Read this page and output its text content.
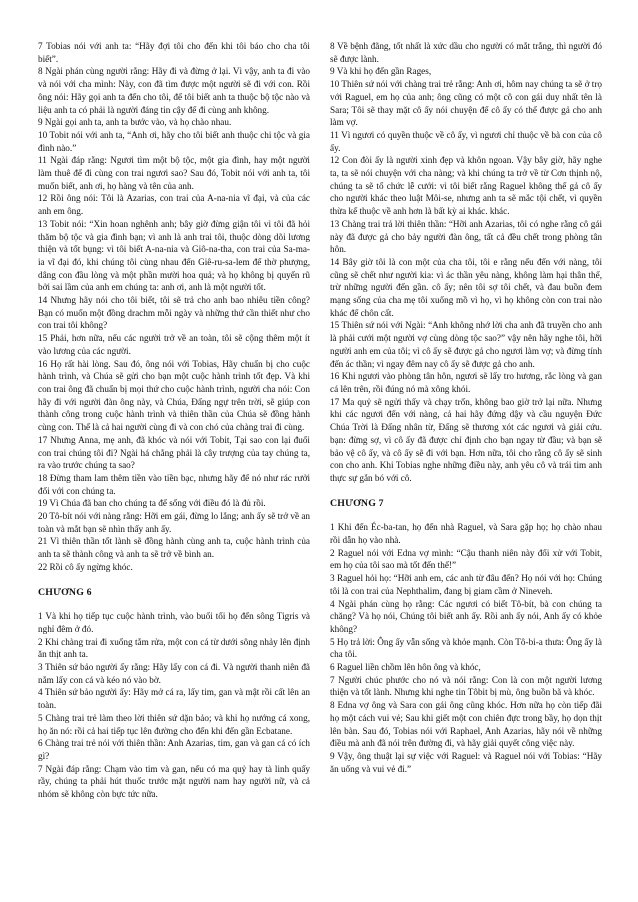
7 Tobias nói với anh ta: “Hãy đợi tôi cho đến khi tôi báo cho cha tôi biết”.

8 Ngài phán cùng người rằng: Hãy đi và đừng ở lại. Vì vậy, anh ta đi vào và nói với cha mình: Này, con đã tìm được một người sẽ đi với con. Rồi ông nói: Hãy gọi anh ta đến cho tôi, để tôi biết anh ta thuộc bộ tộc nào và liệu anh ta có phải là người đáng tin cậy để đi cùng anh không.

9 Ngài gọi anh ta, anh ta bước vào, và họ chào nhau.

10 Tobit nói với anh ta, “Anh ơi, hãy cho tôi biết anh thuộc chi tộc và gia đình nào.”

11 Ngài đáp rằng: Ngươi tìm một bộ tộc, một gia đình, hay một người làm thuê để đi cùng con trai ngươi sao? Sau đó, Tobit nói với anh ta, tôi muốn biết, anh ơi, họ hàng và tên của anh.

12 Rồi ông nói: Tôi là Azarias, con trai của A-na-nia vĩ đại, và của các anh em ông.

13 Tobit nói: “Xin hoan nghênh anh; bây giờ đừng giận tôi vì tôi đã hỏi thăm bộ tộc và gia đình bạn; vì anh là anh trai tôi, thuộc dòng dõi lương thiện và tốt bụng: vì tôi biết A-na-nia và Giô-na-tha, con trai của Sa-ma-ia vĩ đại đó, khi chúng tôi cùng nhau đến Giê-ru-sa-lem để thờ phượng, dâng con đầu lòng và một phần mười hoa quả; và họ không bị quyến rũ bởi sai lầm của anh em chúng ta: anh ơi, anh là một người tốt.

14 Nhưng hãy nói cho tôi biết, tôi sẽ trả cho anh bao nhiêu tiền công? Bạn có muốn một đồng drachm mỗi ngày và những thứ cần thiết như cho con trai tôi không?

15 Phải, hơn nữa, nếu các người trở về an toàn, tôi sẽ cộng thêm một ít vào lương của các người.

16 Họ rất hài lòng. Sau đó, ông nói với Tobias, Hãy chuẩn bị cho cuộc hành trình, và Chúa sẽ gửi cho bạn một cuộc hành trình tốt đẹp. Và khi con trai ông đã chuẩn bị mọi thứ cho cuộc hành trình, người cha nói: Con hãy đi với người đàn ông này, và Chúa, Đấng ngự trên trời, sẽ giúp con thành công trong cuộc hành trình và thiên thần của Chúa sẽ đồng hành cùng con. Thế là cả hai người cùng đi và con chó của chàng trai đi cùng.

17 Nhưng Anna, mẹ anh, đã khóc và nói với Tobit, Tại sao con lại đuổi con trai chúng tôi đi? Ngài há chẳng phải là cây trượng của tay chúng ta, ra vào trước chúng ta sao?

18 Đừng tham lam thêm tiền vào tiền bạc, nhưng hãy để nó như rác rưởi đối với con chúng ta.

19 Vì Chúa đã ban cho chúng ta để sống với điều đó là đủ rồi.

20 Tô-bít nói với nàng rằng: Hỡi em gái, đừng lo lắng; anh ấy sẽ trở về an toàn và mắt bạn sẽ nhìn thấy anh ấy.

21 Vì thiên thần tốt lành sẽ đồng hành cùng anh ta, cuộc hành trình của anh ta sẽ thành công và anh ta sẽ trở về bình an.

22 Rồi cô ấy ngừng khóc.

CHƯƠNG 6

1 Và khi họ tiếp tục cuộc hành trình, vào buổi tối họ đến sông Tigris và nghỉ đêm ở đó.

2 Khi chàng trai đi xuống tắm rửa, một con cá từ dưới sông nhảy lên định ăn thịt anh ta.

3 Thiên sứ bảo người ấy rằng: Hãy lấy con cá đi. Và người thanh niên đã nắm lấy con cá và kéo nó vào bờ.

4 Thiên sứ bảo người ấy: Hãy mở cá ra, lấy tim, gan và mật rồi cất lên an toàn.

5 Chàng trai trẻ làm theo lời thiên sứ dặn bảo; và khi họ nướng cá xong, họ ăn nó: rồi cả hai tiếp tục lên đường cho đến khi đến gần Ecbatane.

6 Chàng trai trẻ nói với thiên thần: Anh Azarias, tim, gan và gan cá có ích gì?

7 Ngài đáp rằng: Chạm vào tim và gan, nếu có ma quỷ hay tà linh quấy rầy, chúng ta phải hút thuốc trước mặt người nam hay người nữ, và cả nhóm sẽ không còn bực tức nữa.

8 Về bệnh đãng, tốt nhất là xức dầu cho người có mắt trắng, thì người đó sẽ được lành.

9 Và khi họ đến gần Rages,

10 Thiên sứ nói với chàng trai trẻ rằng: Anh ơi, hôm nay chúng ta sẽ ở trọ với Raguel, em họ của anh; ông cũng có một cô con gái duy nhất tên là Sara; Tôi sẽ thay mặt cô ấy nói chuyện để cô ấy có thể được gả cho anh làm vợ.

11 Vì ngươi có quyền thuộc về cô ấy, vì ngươi chỉ thuộc về bà con của cô ấy.

12 Con đòi ấy là người xinh đẹp và khôn ngoan. Vậy bây giờ, hãy nghe ta, ta sẽ nói chuyện với cha nàng; và khi chúng ta trở về từ Cơn thịnh nộ, chúng ta sẽ tổ chức lễ cưới: vì tôi biết rằng Raguel không thể gả cô ấy cho người khác theo luật Môi-se, nhưng anh ta sẽ mắc tội chết, vì quyền thừa kế thuộc về anh hơn là bất kỳ ai khác. khác.

13 Chàng trai trả lời thiên thần: “Hỡi anh Azarias, tôi có nghe rằng cô gái này đã được gả cho bảy người đàn ông, tất cả đều chết trong phòng tân hôn.

14 Bây giờ tôi là con một của cha tôi, tôi e rằng nếu đến với nàng, tôi cũng sẽ chết như người kia: vì ác thần yêu nàng, không làm hại thân thể, trừ những người đến gần. cô ấy; nên tôi sợ tôi chết, và đau buồn đem mạng sống của cha mẹ tôi xuống mồ vì họ, vì họ không còn con trai nào khác để chôn cất.

15 Thiên sứ nói với Ngài: “Anh không nhớ lời cha anh đã truyền cho anh là phải cưới một người vợ cùng dòng tộc sao?” vậy nên hãy nghe tôi, hỡi người anh em của tôi; vì cô ấy sẽ được gả cho ngươi làm vợ; và đừng tính đến ác thần; vì ngay đêm nay cô ấy sẽ được gả cho anh.

16 Khi ngươi vào phòng tân hôn, ngươi sẽ lấy tro hương, rắc lòng và gan cá lên trên, rồi đúng nó mà xông khói.

17 Ma quỷ sẽ ngửi thấy và chạy trốn, không bao giờ trở lại nữa. Nhưng khi các ngươi đến với nàng, cả hai hãy đứng dậy và cầu nguyện Đức Chúa Trời là Đấng nhân từ, Đấng sẽ thương xót các ngươi và giải cứu. bạn: đừng sợ, vì cô ấy đã được chỉ định cho bạn ngay từ đầu; và bạn sẽ bảo vệ cô ấy, và cô ấy sẽ đi với bạn. Hơn nữa, tôi cho rằng cô ấy sẽ sinh con cho anh. Khi Tobias nghe những điều này, anh yêu cô và trái tim anh thực sự gắn bó với cô.

CHƯƠNG 7

1 Khi đến Éc-ba-tan, họ đến nhà Raguel, và Sara gặp họ; họ chào nhau rồi dẫn họ vào nhà.

2 Raguel nói với Edna vợ mình: “Cậu thanh niên này đối xử với Tobit, em họ của tôi sao mà tốt đến thế!”

3 Raguel hỏi họ: “Hỡi anh em, các anh từ đâu đến? Họ nói với họ: Chúng tôi là con trai của Nephthalim, đang bị giam cầm ở Nineveh.

4 Ngài phán cùng họ rằng: Các ngươi có biết Tô-bít, bà con chúng ta chăng? Và họ nói, Chúng tôi biết anh ấy. Rồi anh ấy nói, Anh ấy có khỏe không?

5 Họ trả lời: Ông ấy vẫn sống và khỏe mạnh. Còn Tô-bi-a thưa: Ông ấy là cha tôi.

6 Raguel liền chồm lên hôn ông và khóc,

7 Người chúc phước cho nó và nói rằng: Con là con một người lương thiện và tốt lành. Nhưng khi nghe tin Tôbit bị mù, ông buồn bã và khóc.

8 Edna vợ ông và Sara con gái ông cũng khóc. Hơn nữa họ còn tiếp đãi họ một cách vui vẻ; Sau khi giết một con chiên đực trong bầy, họ dọn thịt lên bàn. Sau đó, Tobias nói với Raphael, Anh Azarias, hãy nói về những điều mà anh đã nói trên đường đi, và hãy giải quyết công việc này.

9 Vậy, ông thuật lại sự việc với Raguel: và Raguel nói với Tobias: “Hãy ăn uống và vui vẻ đi.”
